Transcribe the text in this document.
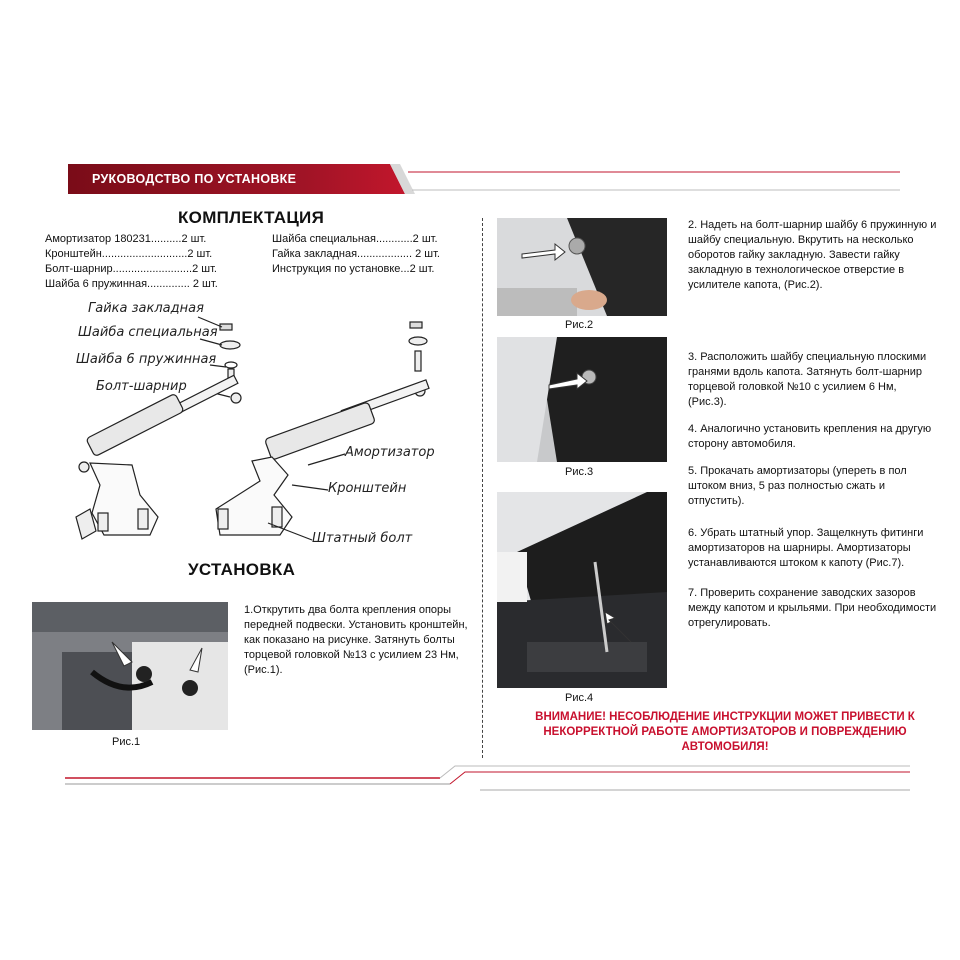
РУКОВОДСТВО ПО УСТАНОВКЕ
КОМПЛЕКТАЦИЯ
Амортизатор 180231..........2 шт.
Кронштейн............................2 шт.
Болт-шарнир..........................2 шт.
Шайба 6 пружинная.............. 2 шт.
Шайба специальная............2 шт.
Гайка закладная.................. 2 шт.
Инструкция по установке...2 шт.
Гайка закладная
Шайба специальная
Шайба 6 пружинная
Болт-шарнир
Амортизатор
Кронштейн
Штатный болт
УСТАНОВКА
Рис.1
1.Открутить два болта крепления опоры передней подвески. Установить кронштейн, как показано на рисунке. Затянуть болты торцевой головкой №13 с усилием 23 Нм, (Рис.1).
Рис.2
2. Надеть на болт-шарнир шайбу 6 пружинную и шайбу специальную. Вкрутить на несколько оборотов гайку закладную. Завести гайку закладную в технологическое отверстие в усилителе капота, (Рис.2).
Рис.3
3. Расположить шайбу специальную плоскими гранями вдоль капота. Затянуть болт-шарнир торцевой головкой №10 с усилием 6 Нм, (Рис.3).
4. Аналогично установить крепления на другую сторону автомобиля.
5. Прокачать амортизаторы (упереть в пол штоком вниз, 5 раз полностью сжать и отпустить).
6. Убрать штатный упор. Защелкнуть фитинги амортизаторов на шарниры. Амортизаторы устанавливаются штоком к капоту (Рис.7).
7. Проверить сохранение заводских зазоров между капотом и крыльями. При необходимости отрегулировать.
Рис.4
ВНИМАНИЕ! НЕСОБЛЮДЕНИЕ ИНСТРУКЦИИ МОЖЕТ ПРИВЕСТИ К НЕКОРРЕКТНОЙ РАБОТЕ АМОРТИЗАТОРОВ И ПОВРЕЖДЕНИЮ АВТОМОБИЛЯ!
